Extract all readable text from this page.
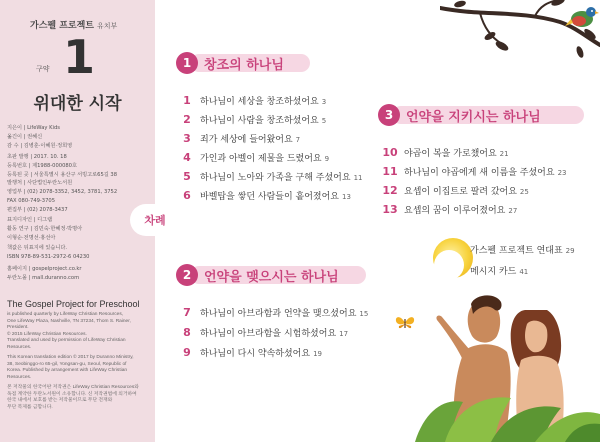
가스펠 프로젝트 유치부
구약 1
위대한 시작
지은이 | LifeWay Kids
옮긴이 | 권혜신
감 수 | 김병훈·이혜원·정희영
초판 발행 | 2017. 10. 18
등록번호 | 제1988-000080호
등록된 곳 | 서울특별시 용산구 서빙고로65길 38
발행처 | 사단법인두란노서원
영업부 | (02) 2078-3352, 3452, 3781, 3752
FAX 080-749-3705
편집부 | (02) 2078-3437
표지디자인 | 디그램
활동 연구 | 김민숙·한혜정·박명아
이형순·전명선·홍선아
책값은 뒤표지에 있습니다.
ISBN 978-89-531-2972-6 04230
홈페이지 | gospelproject.co.kr
두란노몰 | mall.duranno.com
The Gospel Project for Preschool
is published quarterly by LifeWay Christian Resources,
One LifeWay Plaza, Nashville, TN 37234, Thom S. Rainer,
President.
© 2015 LifeWay Christian Resources.
Translated and used by permission of LifeWay Christian
Resources.
This Korean translation edition © 2017 by Duranno Ministry,
38, Seobinggo-ro 65-gil, Yongsan-gu, Seoul, Republic of
Korea. Published by arrangement with LifeWay Christian
Resources.
본 저작물의 한국어판 저작권은 LifeWay Christian Resources와
독점 계약한 두란노서원이 소유합니다. 신 저작권법에 의거하여
한국 내에서 보호를 받는 저작물이므로 무단 전재와
무단 복제를 금합니다.
차례
1 창조의 하나님
1	하나님이 세상을 창조하셨어요 3
2	하나님이 사람을 창조하셨어요 5
3	죄가 세상에 들어왔어요 7
4	가인과 아벨이 제물을 드렸어요 9
5	하나님이 노아와 가족을 구해 주셨어요 11
6	바벨탑을 쌓던 사람들이 흩어졌어요 13
2 언약을 맺으시는 하나님
7	하나님이 아브라함과 언약을 맺으셨어요 15
8	하나님이 아브라함을 시험하셨어요 17
9	하나님이 다시 약속하셨어요 19
3 언약을 지키시는 하나님
10 야곱이 복을 가로챘어요 21
11 하나님이 야곱에게 새 이름을 주셨어요 23
12 요셉이 이집트로 팔려 갔어요 25
13 요셉의 꿈이 이루어졌어요 27
가스펠 프로젝트 연대표 29
메시지 카드 41
